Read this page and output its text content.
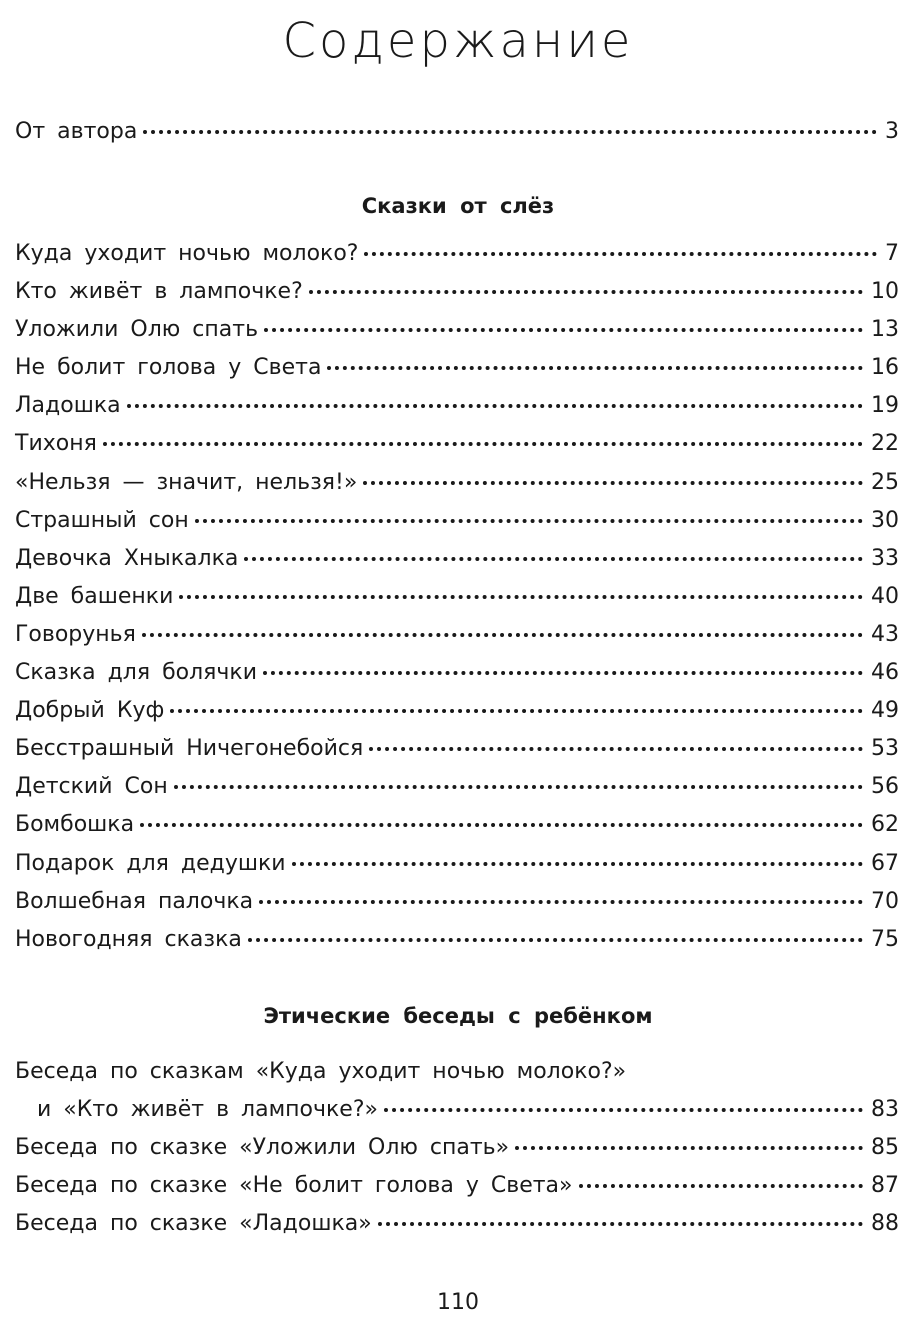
Содержание
От автора	3
Сказки от слёз
Куда уходит ночью молоко?	7
Кто живёт в лампочке?	10
Уложили Олю спать	13
Не болит голова у Света	16
Ладошка	19
Тихоня	22
«Нельзя — значит, нельзя!»	25
Страшный сон	30
Девочка Хныкалка	33
Две башенки	40
Говорунья	43
Сказка для болячки	46
Добрый Куф	49
Бесстрашный Ничегонебойся	53
Детский Сон	56
Бомбошка	62
Подарок для дедушки	67
Волшебная палочка	70
Новогодняя сказка	75
Этические беседы с ребёнком
Беседа по сказкам «Куда уходит ночью молоко?»
и «Кто живёт в лампочке?»	83
Беседа по сказке «Уложили Олю спать»	85
Беседа по сказке «Не болит голова у Света»	87
Беседа по сказке «Ладошка»	88
110
